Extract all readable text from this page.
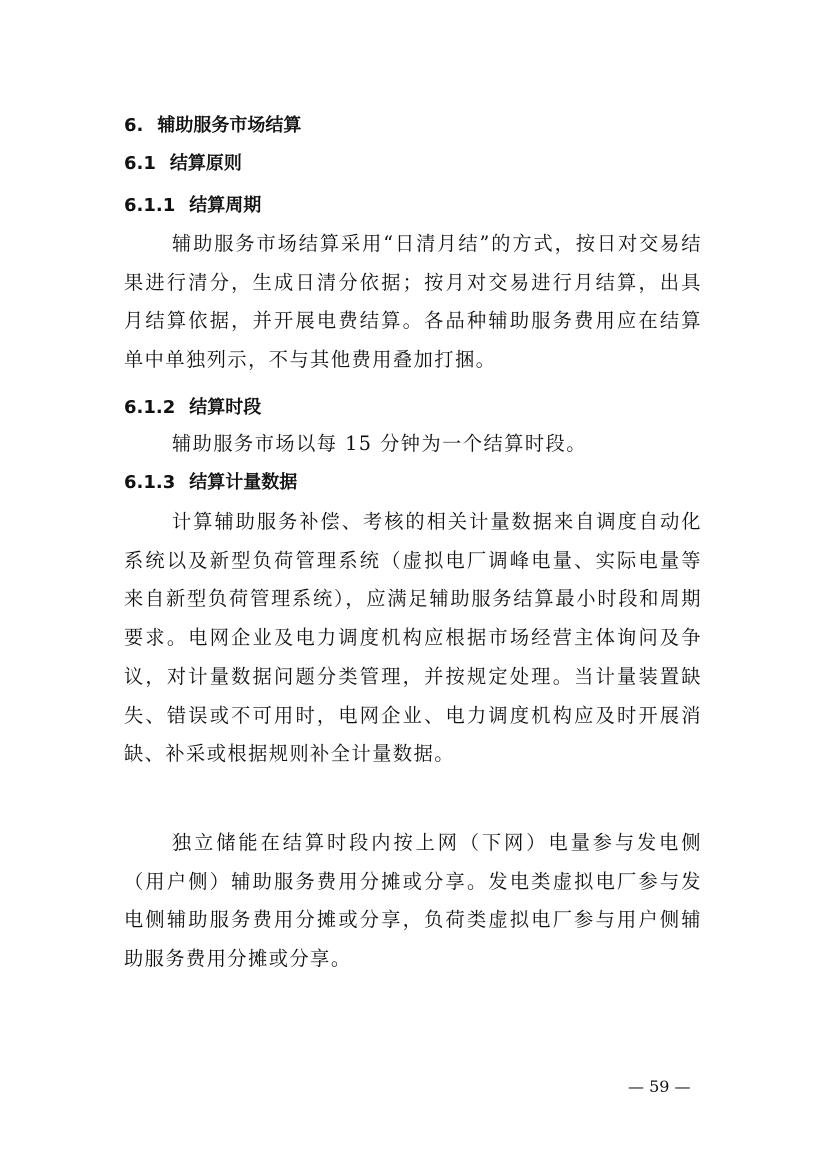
6. 辅助服务市场结算
6.1 结算原则
6.1.1 结算周期

辅助服务市场结算采用“日清月结”的方式，按日对交易结果进行清分，生成日清分依据；按月对交易进行月结算，出具月结算依据，并开展电费结算。各品种辅助服务费用应在结算单中单独列示，不与其他费用叠加打捆。

6.1.2 结算时段

辅助服务市场以每 15 分钟为一个结算时段。

6.1.3 结算计量数据

计算辅助服务补偿、考核的相关计量数据来自调度自动化系统以及新型负荷管理系统（虚拟电厂调峰电量、实际电量等来自新型负荷管理系统），应满足辅助服务结算最小时段和周期要求。电网企业及电力调度机构应根据市场经营主体询问及争议，对计量数据问题分类管理，并按规定处理。当计量装置缺失、错误或不可用时，电网企业、电力调度机构应及时开展消缺、补采或根据规则补全计量数据。

独立储能在结算时段内按上网（下网）电量参与发电侧（用户侧）辅助服务费用分摊或分享。发电类虚拟电厂参与发电侧辅助服务费用分摊或分享，负荷类虚拟电厂参与用户侧辅助服务费用分摊或分享。

— 59 —
